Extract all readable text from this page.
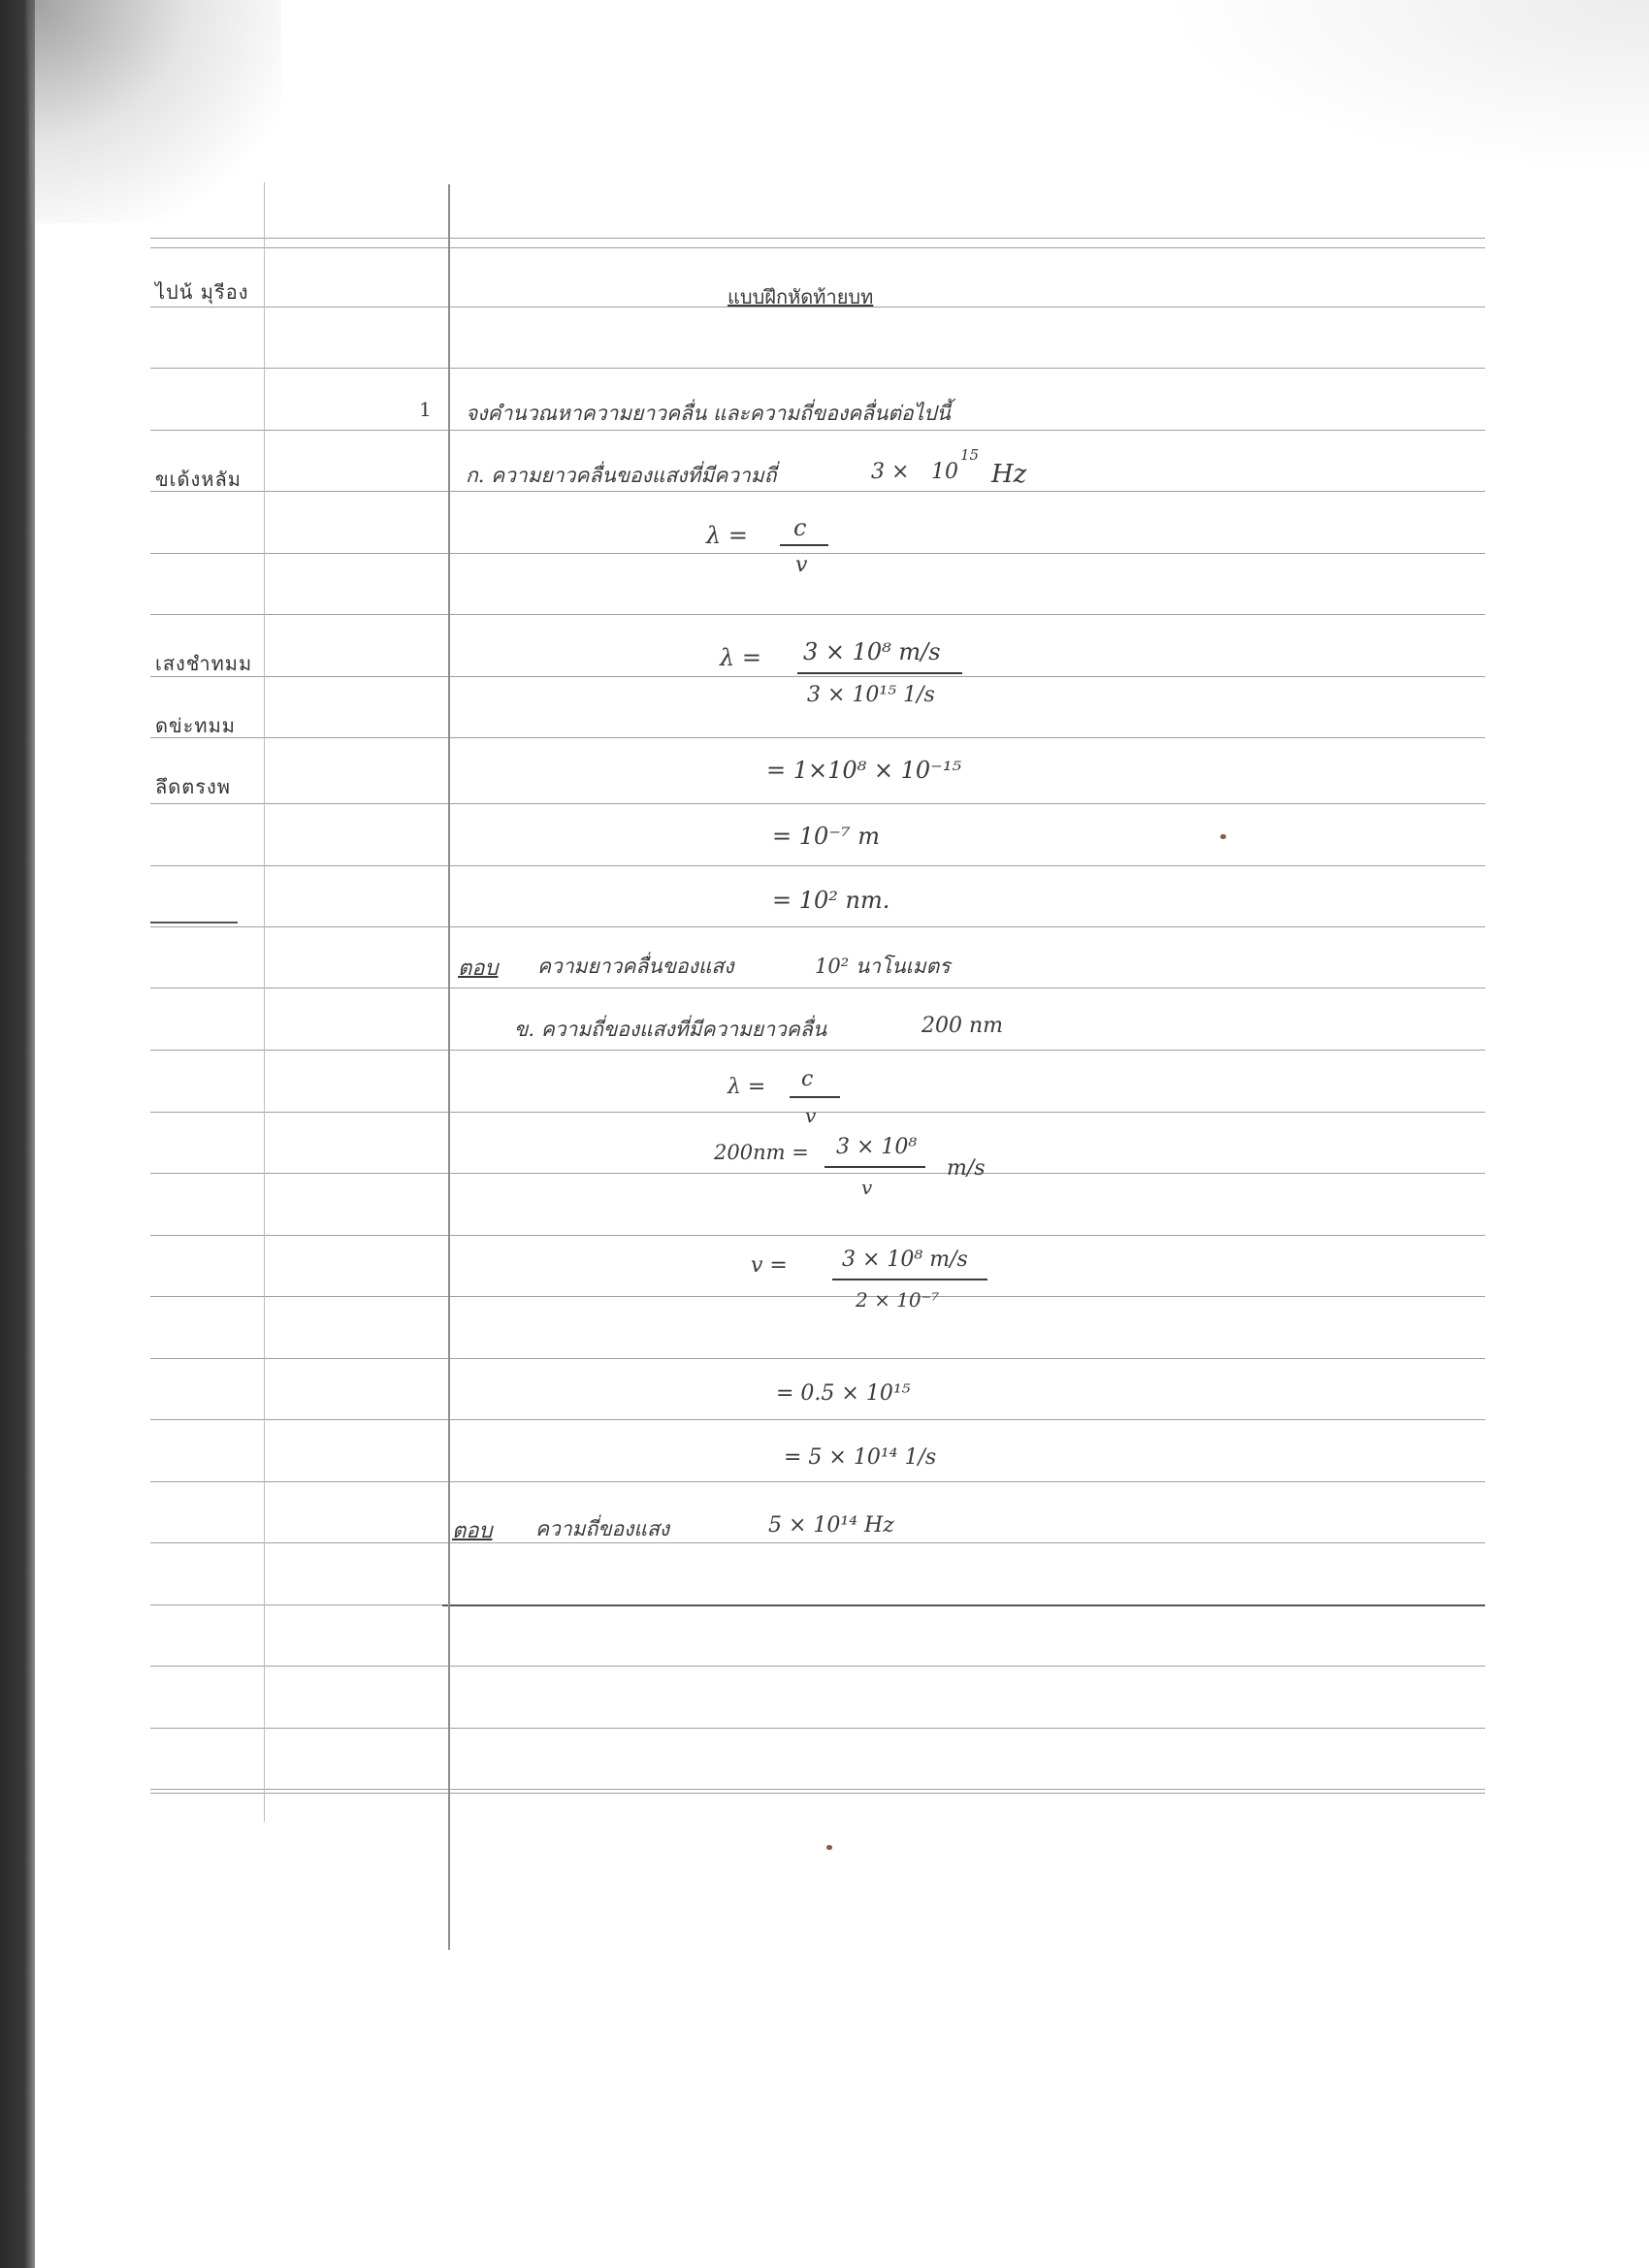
ไปน้ มุรีอง
ขเด้งหลัม
เสงชำทมม
ดข่ะทมม
ลึดตรงพ
แบบฝึกหัดท้ายบท
1 จงคำนวณหาความยาวคลื่น และความถี่ของคลื่นต่อไปนี้
ก. ความยาวคลื่นของแสงที่มีความถี่	3 × 10
15
Hz
λ = c
v
λ = 3 × 10⁸ m/s
3 × 10¹⁵ 1/s
= 1×10⁸ × 10⁻¹⁵
= 10⁻⁷ m
= 10² nm.
ตอบ ความยาวคลื่นของแสง	10² นาโนเมตร
ข. ความถี่ของแสงที่มีความยาวคลื่น	200 nm
λ = c
v
200nm = 3 × 10⁸
v
m/s
v =	3 × 10⁸ m/s
2 × 10⁻⁷
= 0.5 × 10¹⁵
= 5 × 10¹⁴ 1/s
ตอบ ความถี่ของแสง	5 × 10¹⁴ Hz
